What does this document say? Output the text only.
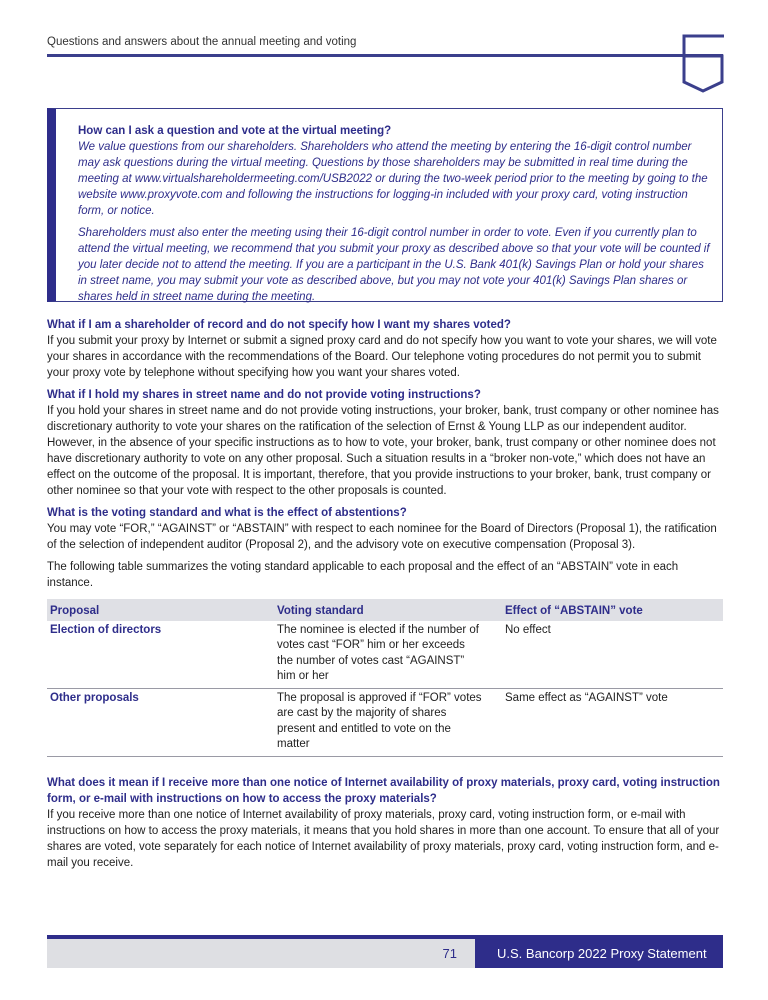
Questions and answers about the annual meeting and voting
How can I ask a question and vote at the virtual meeting?

We value questions from our shareholders. Shareholders who attend the meeting by entering the 16-digit control number may ask questions during the virtual meeting. Questions by those shareholders may be submitted in real time during the meeting at www.virtualshareholdermeeting.com/USB2022 or during the two-week period prior to the meeting by going to the website www.proxyvote.com and following the instructions for logging-in included with your proxy card, voting instruction form, or notice.

Shareholders must also enter the meeting using their 16-digit control number in order to vote. Even if you currently plan to attend the virtual meeting, we recommend that you submit your proxy as described above so that your vote will be counted if you later decide not to attend the meeting. If you are a participant in the U.S. Bank 401(k) Savings Plan or hold your shares in street name, you may submit your vote as described above, but you may not vote your 401(k) Savings Plan shares or shares held in street name during the meeting.

What if I am a shareholder of record and do not specify how I want my shares voted?

If you submit your proxy by Internet or submit a signed proxy card and do not specify how you want to vote your shares, we will vote your shares in accordance with the recommendations of the Board. Our telephone voting procedures do not permit you to submit your proxy vote by telephone without specifying how you want your shares voted.

What if I hold my shares in street name and do not provide voting instructions?

If you hold your shares in street name and do not provide voting instructions, your broker, bank, trust company or other nominee has discretionary authority to vote your shares on the ratification of the selection of Ernst & Young LLP as our independent auditor. However, in the absence of your specific instructions as to how to vote, your broker, bank, trust company or other nominee does not have discretionary authority to vote on any other proposal. Such a situation results in a “broker non-vote,” which does not have an effect on the outcome of the proposal. It is important, therefore, that you provide instructions to your broker, bank, trust company or other nominee so that your vote with respect to the other proposals is counted.

What is the voting standard and what is the effect of abstentions?

You may vote “FOR,” “AGAINST” or “ABSTAIN” with respect to each nominee for the Board of Directors (Proposal 1), the ratification of the selection of independent auditor (Proposal 2), and the advisory vote on executive compensation (Proposal 3).

The following table summarizes the voting standard applicable to each proposal and the effect of an “ABSTAIN” vote in each instance.

Proposal	Voting standard	Effect of “ABSTAIN” vote
Election of directors	The nominee is elected if the number of votes cast “FOR” him or her exceeds the number of votes cast “AGAINST” him or her	No effect
Other proposals	The proposal is approved if “FOR” votes are cast by the majority of shares present and entitled to vote on the matter	Same effect as “AGAINST” vote
What does it mean if I receive more than one notice of Internet availability of proxy materials, proxy card, voting instruction form, or e-mail with instructions on how to access the proxy materials?

If you receive more than one notice of Internet availability of proxy materials, proxy card, voting instruction form, or e-mail with instructions on how to access the proxy materials, it means that you hold shares in more than one account. To ensure that all of your shares are voted, vote separately for each notice of Internet availability of proxy materials, proxy card, voting instruction form, and e-mail you receive.

71	U.S. Bancorp 2022 Proxy Statement
